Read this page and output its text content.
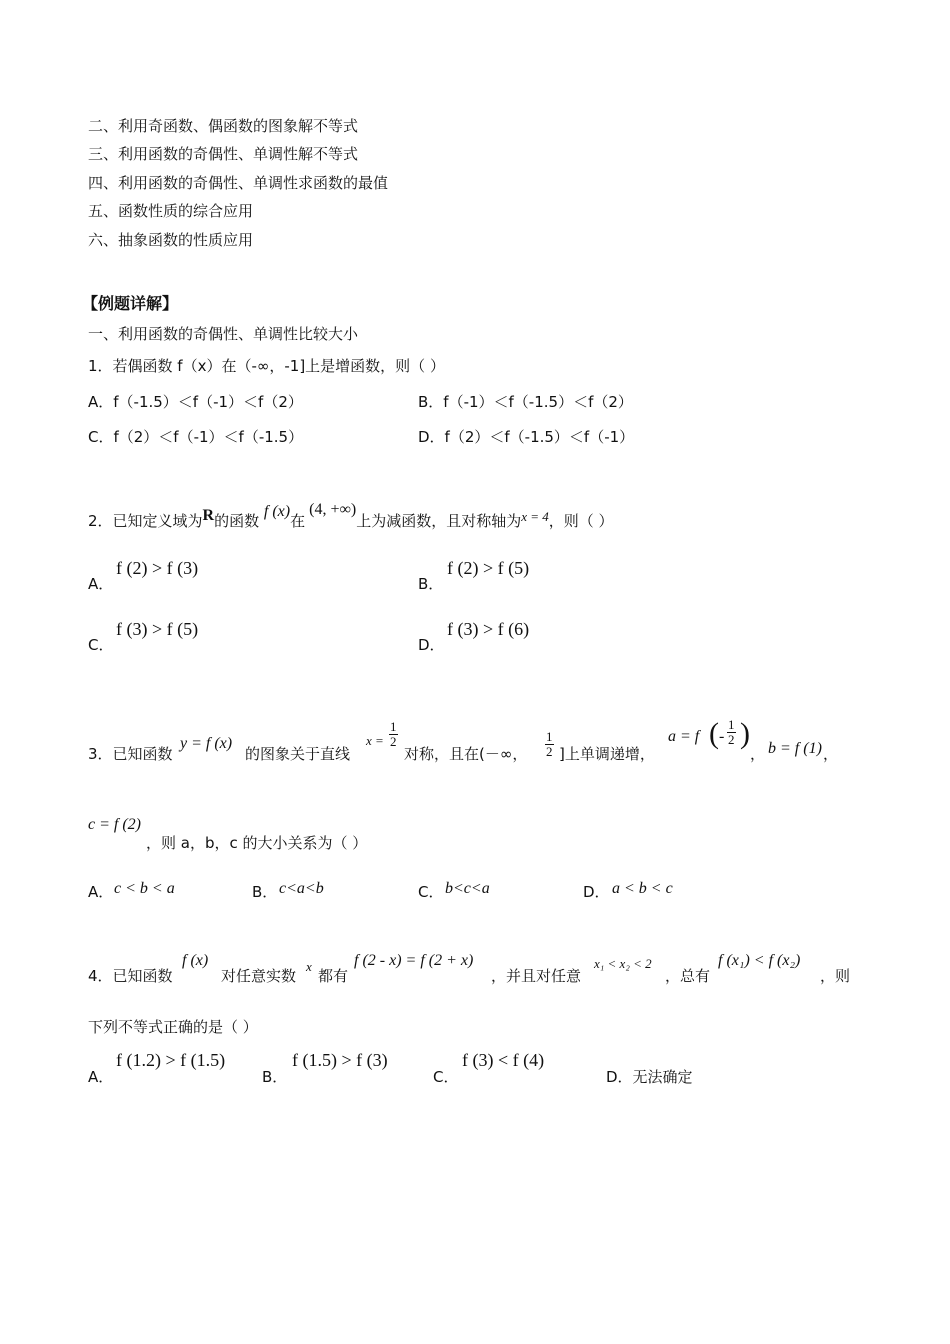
二、利用奇函数、偶函数的图象解不等式
三、利用函数的奇偶性、单调性解不等式
四、利用函数的奇偶性、单调性求函数的最值
五、函数性质的综合应用
六、抽象函数的性质应用
【例题详解】
一、利用函数的奇偶性、单调性比较大小
1．若偶函数 f（x）在（-∞，-1]上是增函数，则（ ）
A．f（-1.5）＜f（-1）＜f（2）	B．f（-1）＜f（-1.5）＜f（2）
C．f（2）＜f（-1）＜f（-1.5）	D．f（2）＜f（-1.5）＜f（-1）
2．已知定义域为R的函数 f (x)在(4, +∞)上为减函数，且对称轴为x = 4，则（ ）
A．
f (2) > f (3)
B．
f (2) > f (5)
C．
f (3) > f (5)
D．
f (3) > f (6)
3．已知函数
y = f (x)
的图象关于直线
$x = \frac{1}{2}$
对称，且在(－∞， $\frac{1}{2}$ ]上单调递增，
a = f ( - $\frac{1}{2}$ )
， b = f (1) ，
c = f (2)
，则 a，b，c 的大小关系为（ ）
A． c < b < a	B． c<a<b	C． b<c<a	D． a < b < c
4．已知函数
f (x)
对任意实数
x
都有
f (2 - x) = f (2 + x)
，并且对任意
x₁ < x₂ < 2
，总有
f (x₁) < f (x₂)
，则
下列不等式正确的是（ ）
A．
f (1.2) > f (1.5)
B．
f (1.5) > f (3)
C．
f (3) < f (4)
D．无法确定
